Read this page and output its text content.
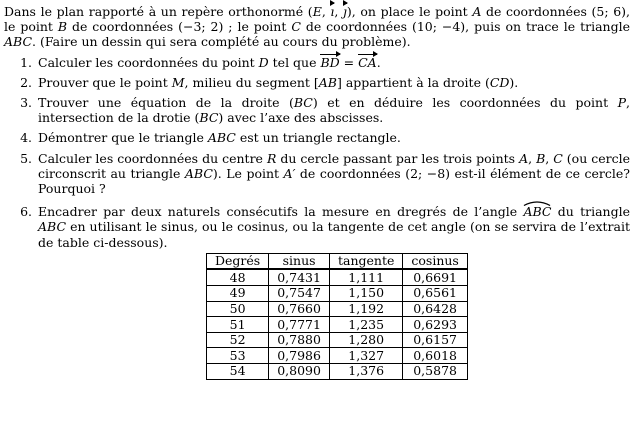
Dans le plan rapporté à un repère orthonormé (E, ı, ȷ), on place le point A de coordonnées (5; 6), le point B de coordonnées (−3; 2) ; le point C de coordonnées (10; −4), puis on trace le triangle ABC. (Faire un dessin qui sera complété au cours du problème).

1. Calculer les coordonnées du point D tel que BD = CA.
2. Prouver que le point M, milieu du segment [AB] appartient à la droite (CD).
3. Trouver une équation de la droite (BC) et en déduire les coordonnées du point P, intersection de la drotie (BC) avec l’axe des abscisses.
4. Démontrer que le triangle ABC est un triangle rectangle.
5. Calculer les coordonnées du centre R du cercle passant par les trois points A, B, C (ou cercle circonscrit au triangle ABC). Le point A′ de coordonnées (2; −8) est-il élément de ce cercle? Pourquoi ?
6. Encadrer par deux naturels consécutifs la mesure en dregrés de l’angle
ABC du triangle ABC en utilisant le sinus, ou le cosinus, ou la tangente de cet angle (on se servira de l’extrait de table ci-dessous).
Degrés	sinus	tangente	cosinus
48	0,7431	1,111	0,6691
49	0,7547	1,150	0,6561
50	0,7660	1,192	0,6428
51	0,7771	1,235	0,6293
52	0,7880	1,280	0,6157
53	0,7986	1,327	0,6018
54	0,8090	1,376	0,5878
